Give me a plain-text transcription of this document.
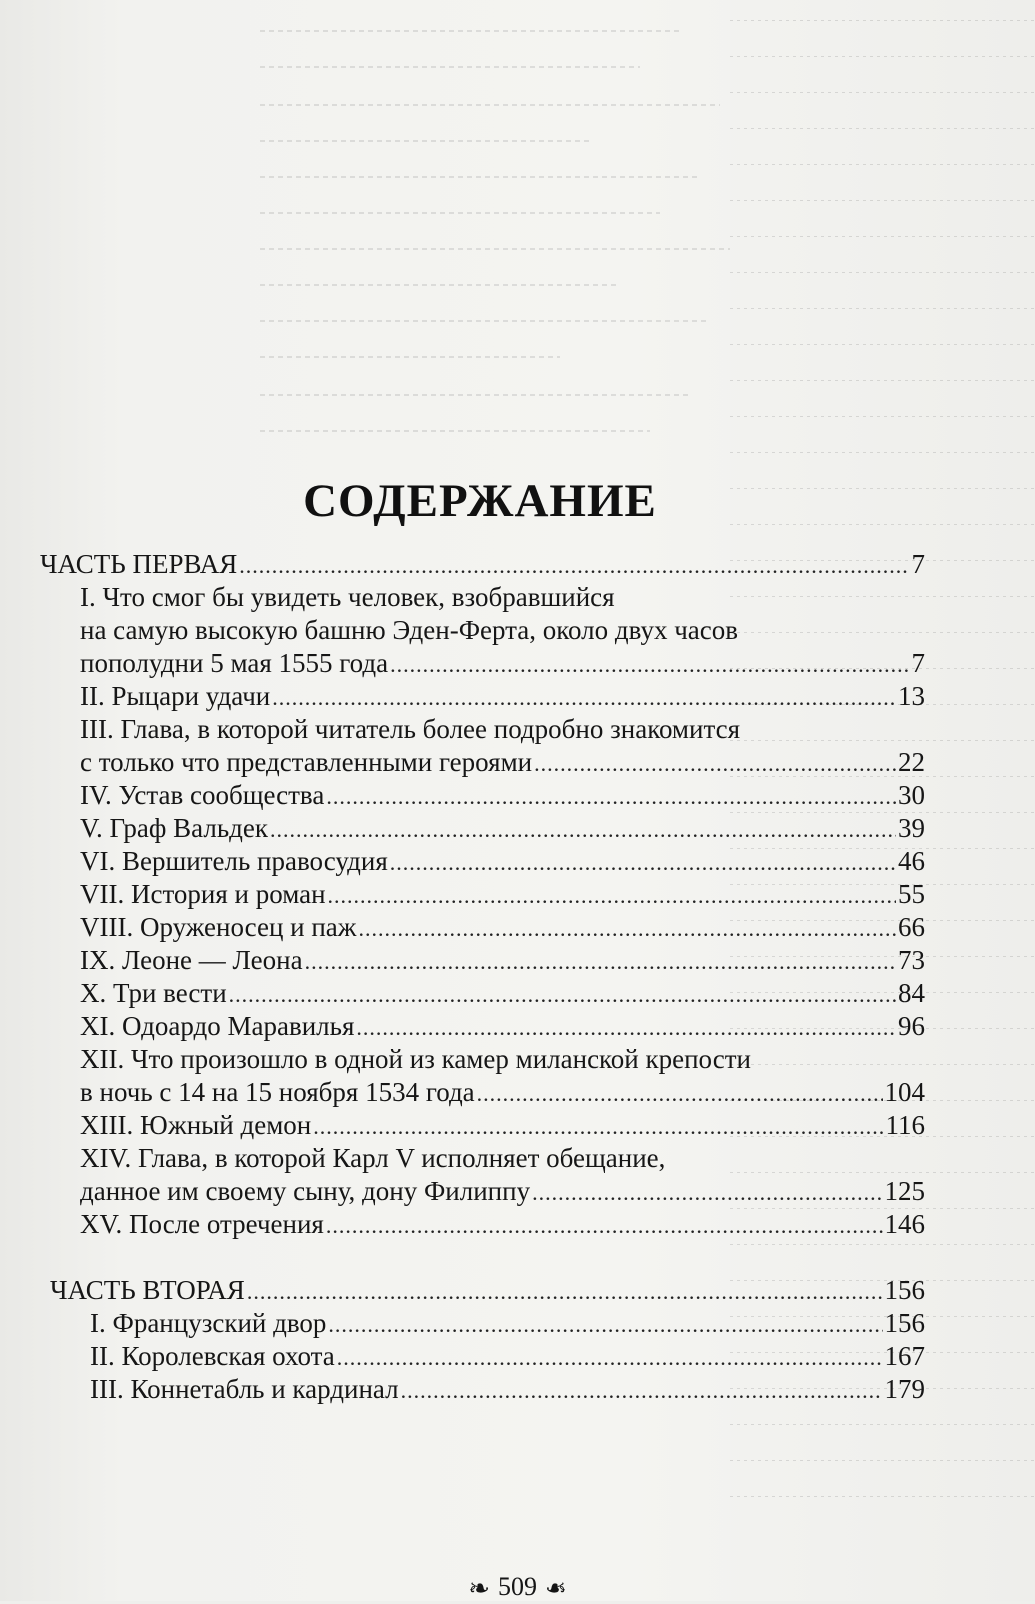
СОДЕРЖАНИЕ
ЧАСТЬ ПЕРВАЯ .....	7
I. Что смог бы увидеть человек, взобравшийся
на самую высокую башню Эден-Ферта, около двух часов
пополудни 5 мая 1555 года .....	7
II. Рыцари удачи .....	13
III. Глава, в которой читатель более подробно знакомится
с только что представленными героями .....	22
IV. Устав сообщества .....	30
V. Граф Вальдек .....	39
VI. Вершитель правосудия .....	46
VII. История и роман .....	55
VIII. Оруженосец и паж .....	66
IX. Леоне — Леона .....	73
X. Три вести .....	84
XI. Одоардо Маравилья .....	96
XII. Что произошло в одной из камер миланской крепости
в ночь с 14 на 15 ноября 1534 года .....	104
XIII. Южный демон .....	116
XIV. Глава, в которой Карл V исполняет обещание,
данное им своему сыну, дону Филиппу .....	125
XV. После отречения .....	146
ЧАСТЬ ВТОРАЯ .....	156
I. Французский двор .....	156
II. Королевская охота .....	167
III. Коннетабль и кардинал .....	179
❧ 509 ❧
